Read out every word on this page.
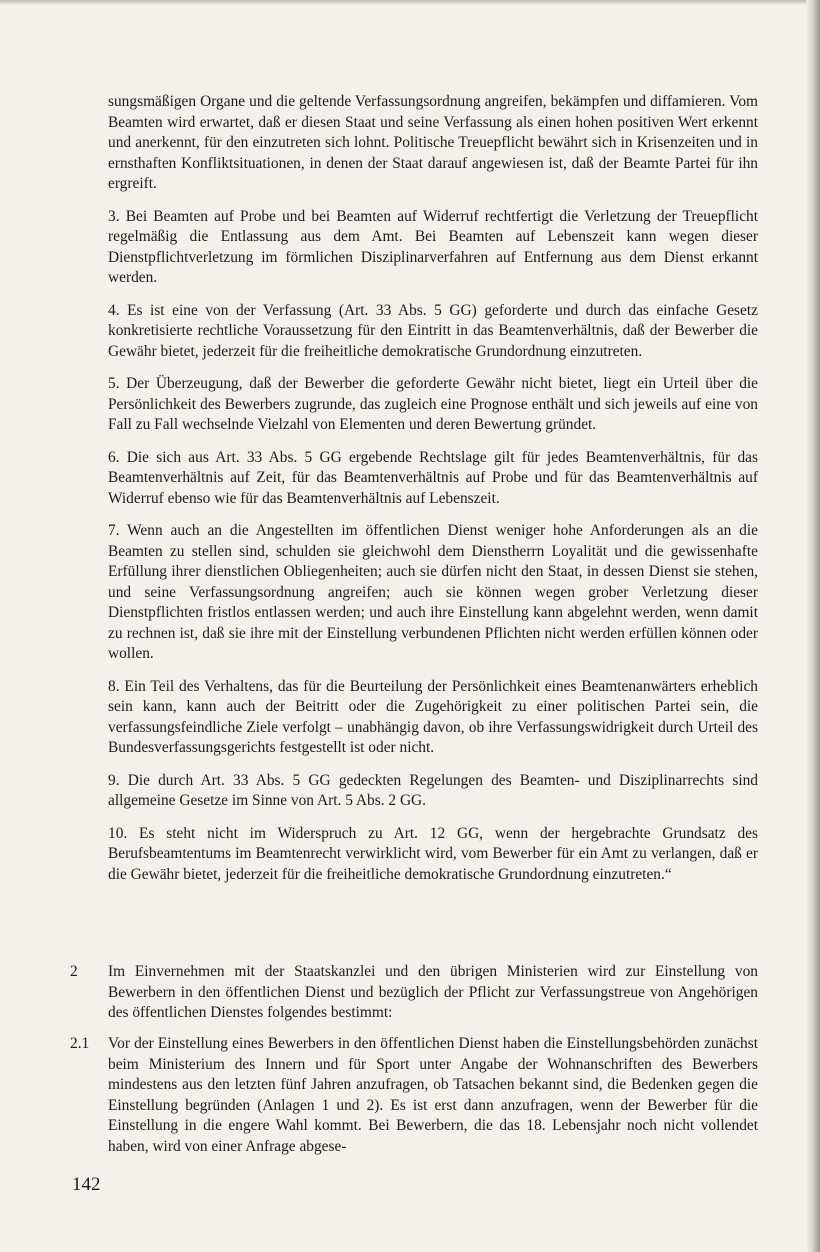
sungsmäßigen Organe und die geltende Verfassungsordnung angreifen, bekämpfen und diffamieren. Vom Beamten wird erwartet, daß er diesen Staat und seine Verfassung als einen hohen positiven Wert erkennt und anerkennt, für den einzutreten sich lohnt. Politische Treuepflicht bewährt sich in Krisenzeiten und in ernsthaften Konfliktsituationen, in denen der Staat darauf angewiesen ist, daß der Beamte Partei für ihn ergreift.

3. Bei Beamten auf Probe und bei Beamten auf Widerruf rechtfertigt die Verletzung der Treuepflicht regelmäßig die Entlassung aus dem Amt. Bei Beamten auf Lebenszeit kann wegen dieser Dienstpflichtverletzung im förmlichen Disziplinarverfahren auf Entfernung aus dem Dienst erkannt werden.

4. Es ist eine von der Verfassung (Art. 33 Abs. 5 GG) geforderte und durch das einfache Gesetz konkretisierte rechtliche Voraussetzung für den Eintritt in das Beamtenverhältnis, daß der Bewerber die Gewähr bietet, jederzeit für die freiheitliche demokratische Grundordnung einzutreten.

5. Der Überzeugung, daß der Bewerber die geforderte Gewähr nicht bietet, liegt ein Urteil über die Persönlichkeit des Bewerbers zugrunde, das zugleich eine Prognose enthält und sich jeweils auf eine von Fall zu Fall wechselnde Vielzahl von Elementen und deren Bewertung gründet.

6. Die sich aus Art. 33 Abs. 5 GG ergebende Rechtslage gilt für jedes Beamtenverhältnis, für das Beamtenverhältnis auf Zeit, für das Beamtenverhältnis auf Probe und für das Beamtenverhältnis auf Widerruf ebenso wie für das Beamtenverhältnis auf Lebenszeit.

7. Wenn auch an die Angestellten im öffentlichen Dienst weniger hohe Anforderungen als an die Beamten zu stellen sind, schulden sie gleichwohl dem Dienstherrn Loyalität und die gewissenhafte Erfüllung ihrer dienstlichen Obliegenheiten; auch sie dürfen nicht den Staat, in dessen Dienst sie stehen, und seine Verfassungsordnung angreifen; auch sie können wegen grober Verletzung dieser Dienstpflichten fristlos entlassen werden; und auch ihre Einstellung kann abgelehnt werden, wenn damit zu rechnen ist, daß sie ihre mit der Einstellung verbundenen Pflichten nicht werden erfüllen können oder wollen.

8. Ein Teil des Verhaltens, das für die Beurteilung der Persönlichkeit eines Beamtenanwärters erheblich sein kann, kann auch der Beitritt oder die Zugehörigkeit zu einer politischen Partei sein, die verfassungsfeindliche Ziele verfolgt – unabhängig davon, ob ihre Verfassungswidrigkeit durch Urteil des Bundesverfassungsgerichts festgestellt ist oder nicht.

9. Die durch Art. 33 Abs. 5 GG gedeckten Regelungen des Beamten- und Disziplinarrechts sind allgemeine Gesetze im Sinne von Art. 5 Abs. 2 GG.

10. Es steht nicht im Widerspruch zu Art. 12 GG, wenn der hergebrachte Grundsatz des Berufsbeamtentums im Beamtenrecht verwirklicht wird, vom Bewerber für ein Amt zu verlangen, daß er die Gewähr bietet, jederzeit für die freiheitliche demokratische Grundordnung einzutreten.“

2 Im Einvernehmen mit der Staatskanzlei und den übrigen Ministerien wird zur Einstellung von Bewerbern in den öffentlichen Dienst und bezüglich der Pflicht zur Verfassungstreue von Angehörigen des öffentlichen Dienstes folgendes bestimmt:

2.1 Vor der Einstellung eines Bewerbers in den öffentlichen Dienst haben die Einstellungsbehörden zunächst beim Ministerium des Innern und für Sport unter Angabe der Wohnanschriften des Bewerbers mindestens aus den letzten fünf Jahren anzufragen, ob Tatsachen bekannt sind, die Bedenken gegen die Einstellung begründen (Anlagen 1 und 2). Es ist erst dann anzufragen, wenn der Bewerber für die Einstellung in die engere Wahl kommt. Bei Bewerbern, die das 18. Lebensjahr noch nicht vollendet haben, wird von einer Anfrage abgese-

142
